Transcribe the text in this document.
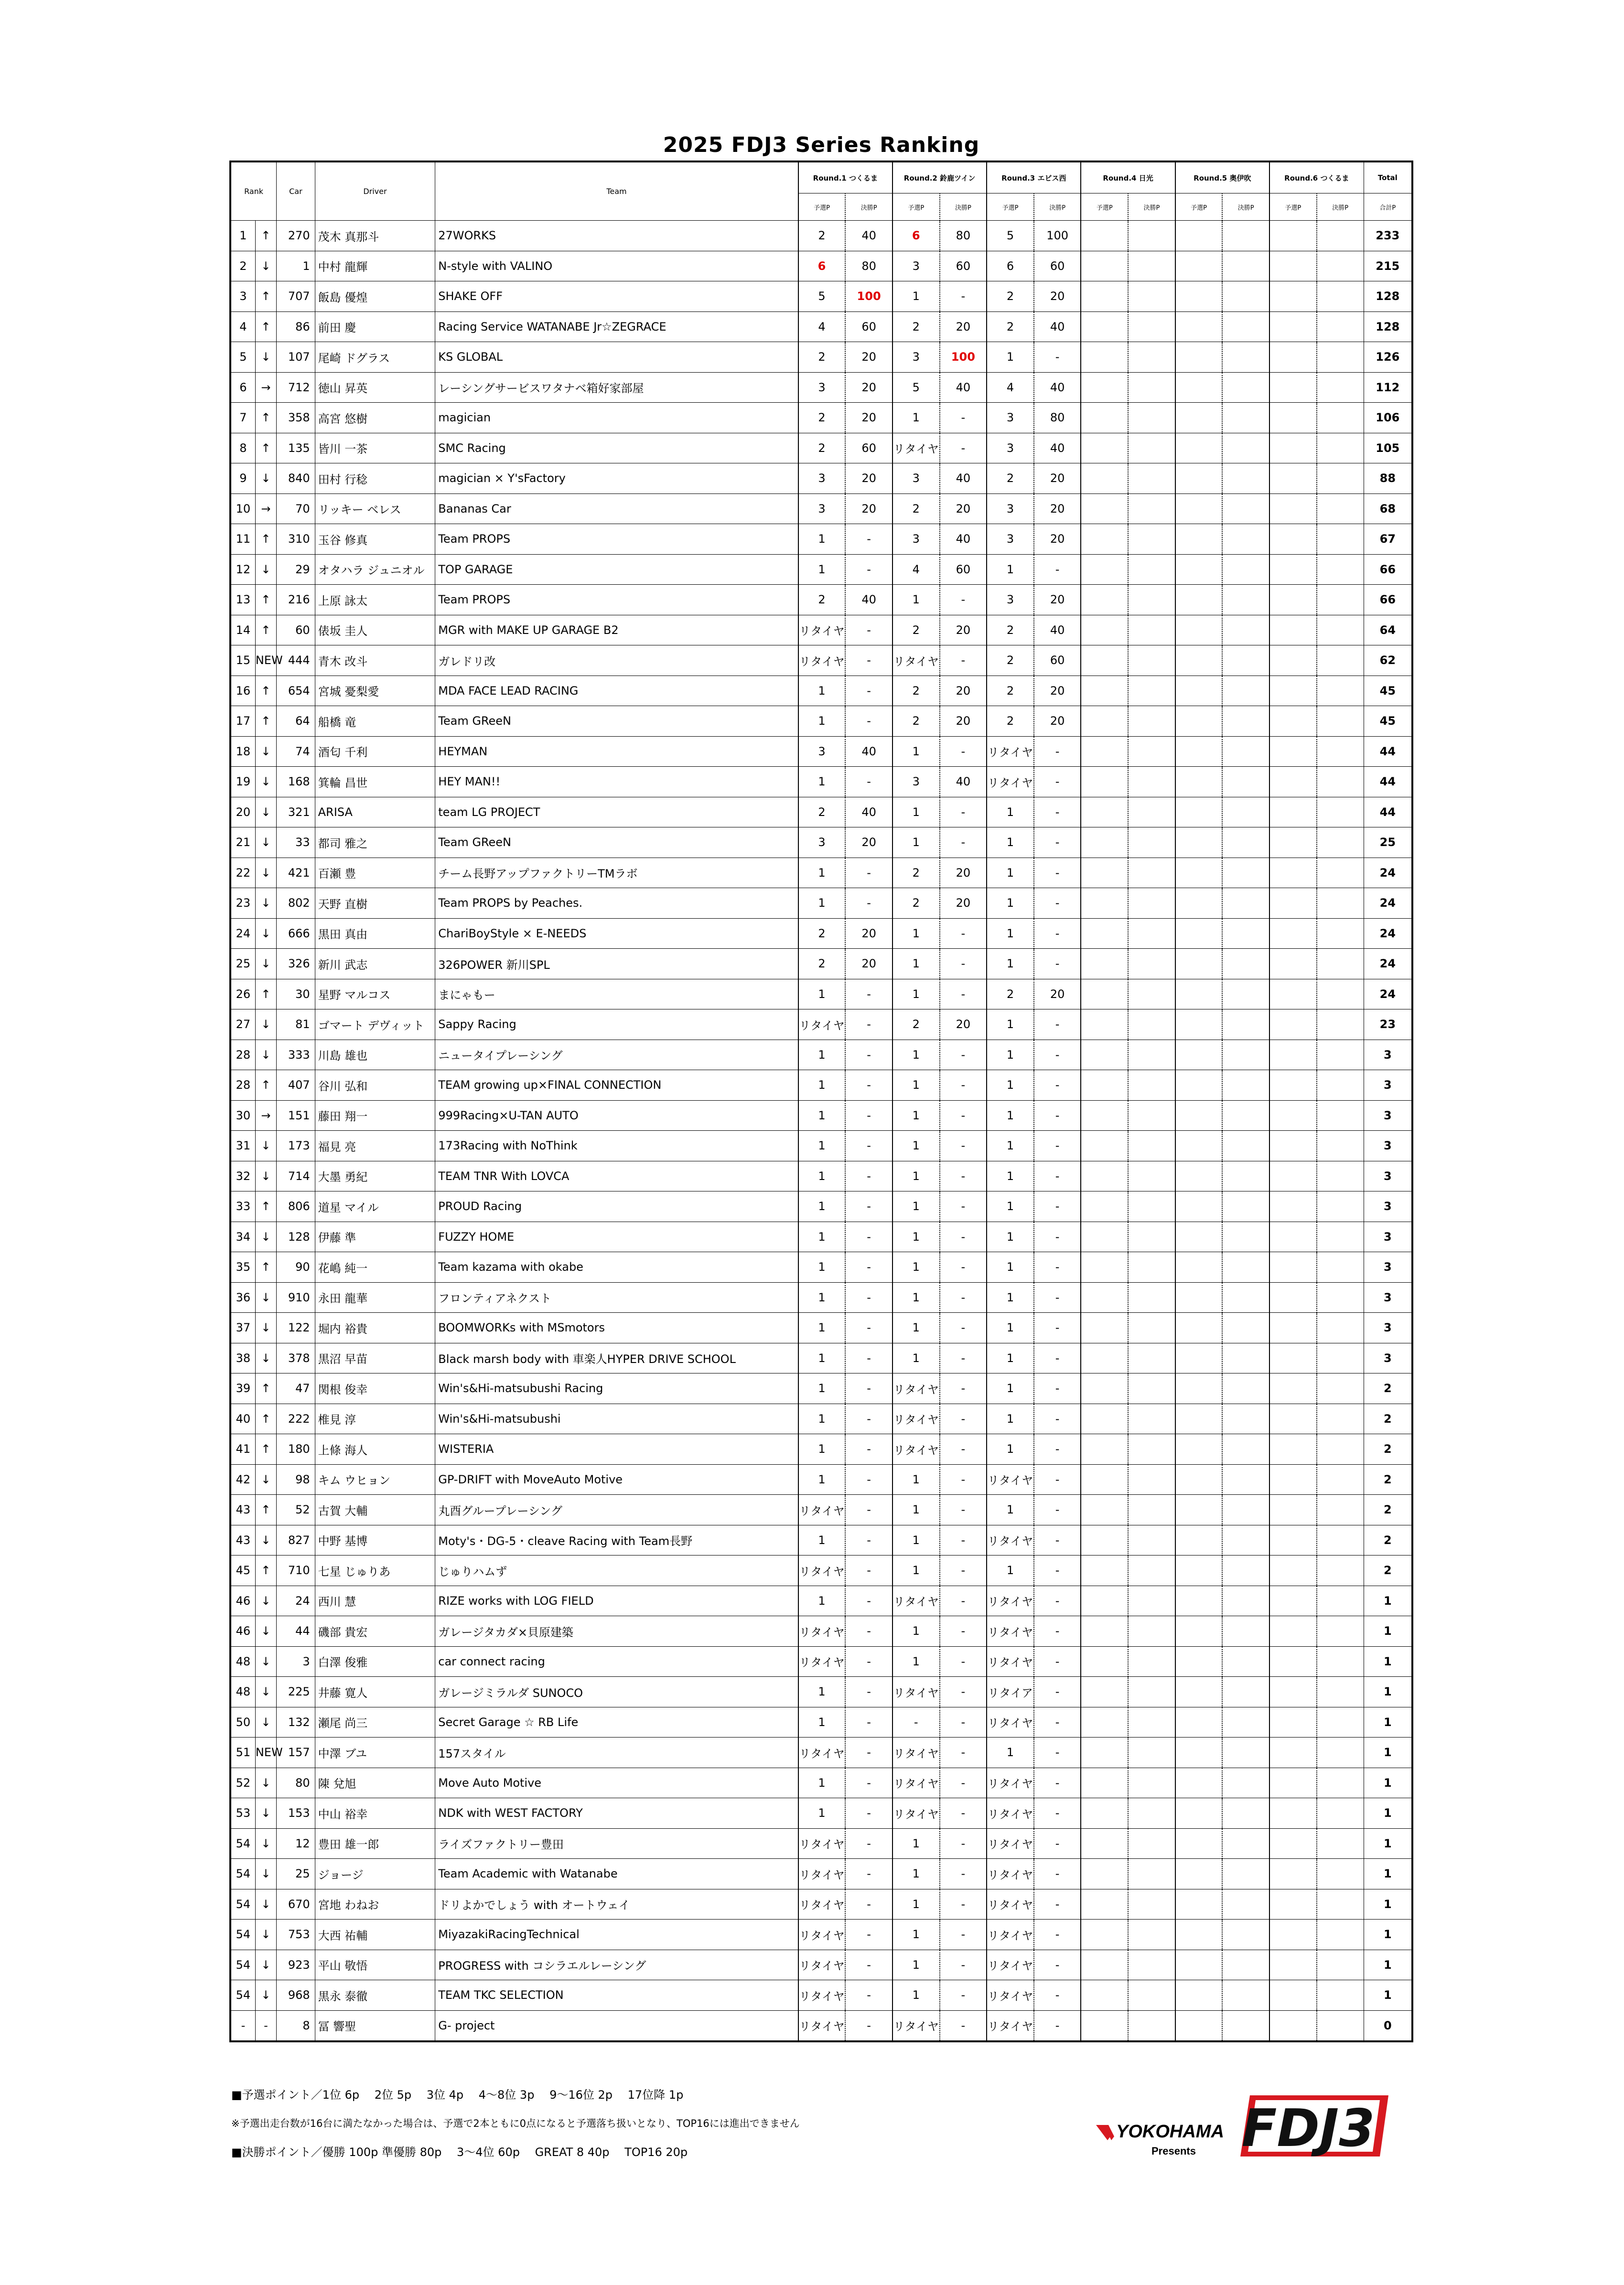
2025 FDJ3 Series Ranking
Rank		Car	Driver	Team	Round.1 つくるま		Round.2 鈴鹿ツイン		Round.3 エビス西		Round.4 日光		Round.5 奥伊吹		Round.6 つくるま		Total
					予選P	決勝P	予選P	決勝P	予選P	決勝P	予選P	決勝P	予選P	決勝P	予選P	決勝P	合計P
1	↑	270	茂木 真那斗	27WORKS	2	40	6	80	5	100							233
2	↓	1	中村 龍輝	N-style with VALINO	6	80	3	60	6	60							215
3	↑	707	飯島 優煌	SHAKE OFF	5	100	1	-	2	20							128
4	↑	86	前田 慶	Racing Service WATANABE Jr☆ZEGRACE	4	60	2	20	2	40							128
5	↓	107	尾崎 ドグラス	KS GLOBAL	2	20	3	100	1	-							126
6	→	712	徳山 昇英	レーシングサービスワタナベ箱好家部屋	3	20	5	40	4	40							112
7	↑	358	高宮 悠樹	magician	2	20	1	-	3	80							106
8	↑	135	皆川 一茶	SMC Racing	2	60	リタイヤ	-	3	40							105
9	↓	840	田村 行稔	magician × Y'sFactory	3	20	3	40	2	20							88
10	→	70	リッキー ベレス	Bananas Car	3	20	2	20	3	20							68
11	↑	310	玉谷 修真	Team PROPS	1	-	3	40	3	20							67
12	↓	29	オタハラ ジュニオル	TOP GARAGE	1	-	4	60	1	-							66
13	↑	216	上原 詠太	Team PROPS	2	40	1	-	3	20							66
14	↑	60	俵坂 圭人	MGR with MAKE UP GARAGE B2	リタイヤ	-	2	20	2	40							64
15	NEW	444	青木 改斗	ガレドリ改	リタイヤ	-	リタイヤ	-	2	60							62
16	↑	654	宮城 憂梨愛	MDA FACE LEAD RACING	1	-	2	20	2	20							45
17	↑	64	船橋 竜	Team GReeN	1	-	2	20	2	20							45
18	↓	74	酒匂 千利	HEYMAN	3	40	1	-	リタイヤ	-							44
19	↓	168	箕輪 昌世	HEY MAN!!	1	-	3	40	リタイヤ	-							44
20	↓	321	ARISA	team LG PROJECT	2	40	1	-	1	-							44
21	↓	33	都司 雅之	Team GReeN	3	20	1	-	1	-							25
22	↓	421	百瀬 豊	チーム長野アップファクトリーTMラボ	1	-	2	20	1	-							24
23	↓	802	天野 直樹	Team PROPS by Peaches.	1	-	2	20	1	-							24
24	↓	666	黒田 真由	ChariBoyStyle × E-NEEDS	2	20	1	-	1	-							24
25	↓	326	新川 武志	326POWER 新川SPL	2	20	1	-	1	-							24
26	↑	30	星野 マルコス	まにゃもー	1	-	1	-	2	20							24
27	↓	81	ゴマート デヴィット	Sappy Racing	リタイヤ	-	2	20	1	-							23
28	↓	333	川島 雄也	ニュータイプレーシング	1	-	1	-	1	-							3
28	↑	407	谷川 弘和	TEAM growing up×FINAL CONNECTION	1	-	1	-	1	-							3
30	→	151	藤田 翔一	999Racing×U-TAN AUTO	1	-	1	-	1	-							3
31	↓	173	福見 亮	173Racing with NoThink	1	-	1	-	1	-							3
32	↓	714	大墨 勇紀	TEAM TNR With LOVCA	1	-	1	-	1	-							3
33	↑	806	道星 マイル	PROUD Racing	1	-	1	-	1	-							3
34	↓	128	伊藤 準	FUZZY HOME	1	-	1	-	1	-							3
35	↑	90	花嶋 純一	Team kazama with okabe	1	-	1	-	1	-							3
36	↓	910	永田 龍華	フロンティアネクスト	1	-	1	-	1	-							3
37	↓	122	堀内 裕貴	BOOMWORKs with MSmotors	1	-	1	-	1	-							3
38	↓	378	黒沼 早苗	Black marsh body with 車楽人HYPER DRIVE SCHOOL	1	-	1	-	1	-							3
39	↑	47	関根 俊幸	Win's&Hi-matsubushi Racing	1	-	リタイヤ	-	1	-							2
40	↑	222	椎見 淳	Win's&Hi-matsubushi	1	-	リタイヤ	-	1	-							2
41	↑	180	上條 海人	WISTERIA	1	-	リタイヤ	-	1	-							2
42	↓	98	キム ウヒョン	GP-DRIFT with MoveAuto Motive	1	-	1	-	リタイヤ	-							2
43	↑	52	古賀 大輔	丸酉グループレーシング	リタイヤ	-	1	-	1	-							2
43	↓	827	中野 基博	Moty's・DG-5・cleave Racing with Team長野	1	-	1	-	リタイヤ	-							2
45	↑	710	七星 じゅりあ	じゅりハムず	リタイヤ	-	1	-	1	-							2
46	↓	24	西川 慧	RIZE works with LOG FIELD	1	-	リタイヤ	-	リタイヤ	-							1
46	↓	44	磯部 貴宏	ガレージタカダ×貝原建築	リタイヤ	-	1	-	リタイヤ	-							1
48	↓	3	白澤 俊雅	car connect racing	リタイヤ	-	1	-	リタイヤ	-							1
48	↓	225	井藤 寛人	ガレージミラルダ SUNOCO	1	-	リタイヤ	-	リタイア	-							1
50	↓	132	瀬尾 尚三	Secret Garage ☆ RB Life	1	-	-	-	リタイヤ	-							1
51	NEW	157	中澤 ブユ	157スタイル	リタイヤ	-	リタイヤ	-	1	-							1
52	↓	80	陳 兌旭	Move Auto Motive	1	-	リタイヤ	-	リタイヤ	-							1
53	↓	153	中山 裕幸	NDK with WEST FACTORY	1	-	リタイヤ	-	リタイヤ	-							1
54	↓	12	豊田 雄一郎	ライズファクトリー豊田	リタイヤ	-	1	-	リタイヤ	-							1
54	↓	25	ジョージ	Team Academic with Watanabe	リタイヤ	-	1	-	リタイヤ	-							1
54	↓	670	宮地 わねお	ドリよかでしょう with オートウェイ	リタイヤ	-	1	-	リタイヤ	-							1
54	↓	753	大西 祐輔	MiyazakiRacingTechnical	リタイヤ	-	1	-	リタイヤ	-							1
54	↓	923	平山 敬悟	PROGRESS with コシラエルレーシング	リタイヤ	-	1	-	リタイヤ	-							1
54	↓	968	黒永 泰徹	TEAM TKC SELECTION	リタイヤ	-	1	-	リタイヤ	-							1
-	-	8	冨 響聖	G- project	リタイヤ	-	リタイヤ	-	リタイヤ	-							0
■予選ポイント／1位 6p　 2位 5p　 3位 4p　 4〜8位 3p　 9〜16位 2p　 17位降 1p
※予選出走台数が16台に満たなかった場合は、予選で2本ともに0点になると予選落ち扱いとなり、TOP16には進出できません
■決勝ポイント／優勝 100p 準優勝 80p　 3〜4位 60p　 GREAT 8 40p　 TOP16 20p
YOKOHAMA
Presents FDJ3
